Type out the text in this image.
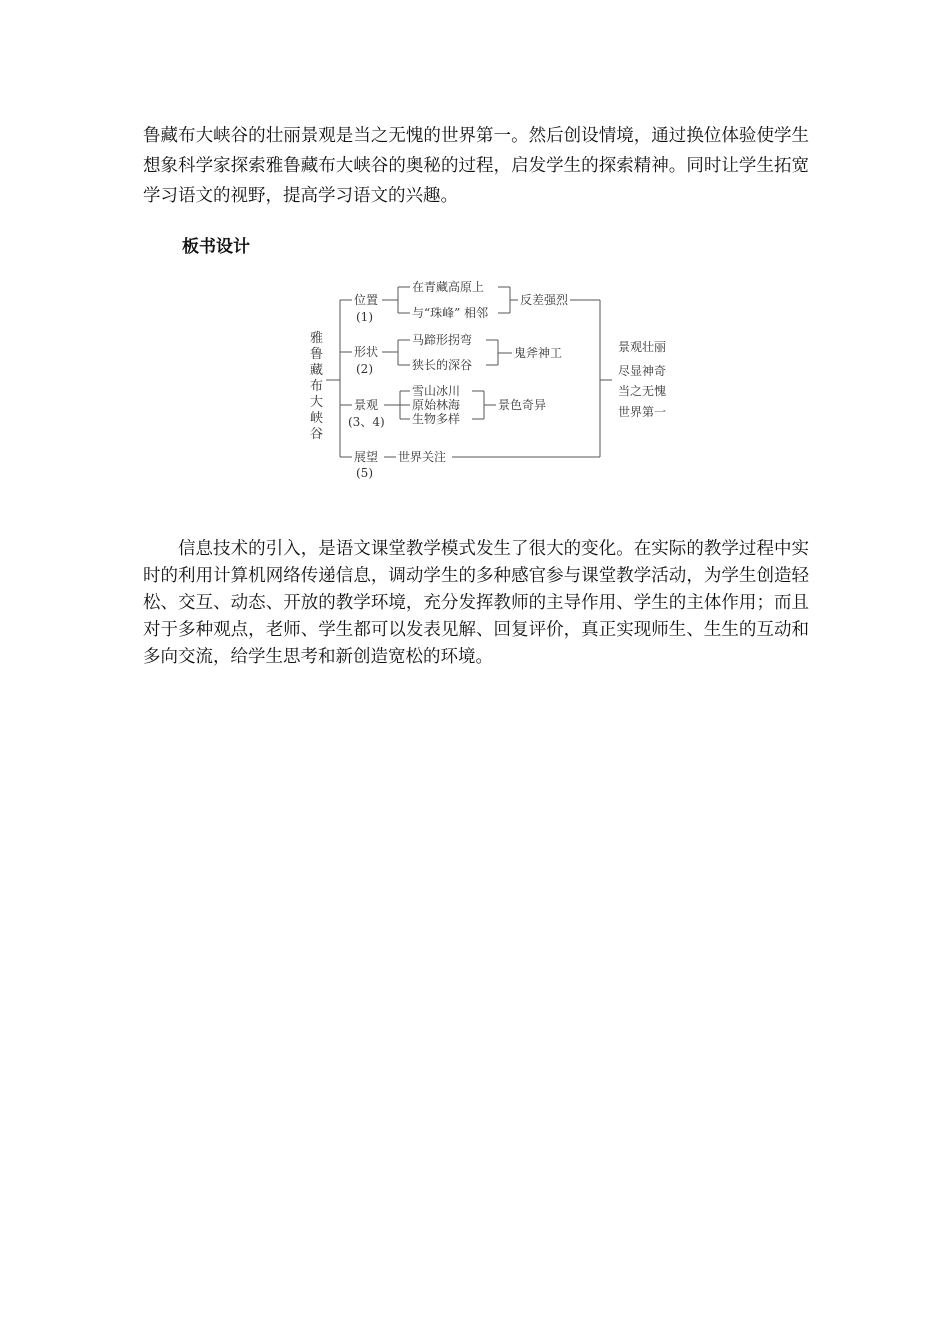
鲁藏布大峡谷的壮丽景观是当之无愧的世界第一。然后创设情境，通过换位体验使学生想象科学家探索雅鲁藏布大峡谷的奥秘的过程，启发学生的探索精神。同时让学生拓宽学习语文的视野，提高学习语文的兴趣。

板书设计

雅
鲁
藏
布
大
峡
谷
位置
(1)
在青藏高原上
与“珠峰” 相邻
反差强烈
形状
(2)
马蹄形拐弯
狭长的深谷
鬼斧神工
景观
(3、4)
雪山冰川
原始林海
生物多样
景色奇异
展望
(5)
世界关注
景观壮丽
尽显神奇
当之无愧
世界第一

信息技术的引入，是语文课堂教学模式发生了很大的变化。在实际的教学过程中实时的利用计算机网络传递信息，调动学生的多种感官参与课堂教学活动，为学生创造轻松、交互、动态、开放的教学环境，充分发挥教师的主导作用、学生的主体作用；而且对于多种观点，老师、学生都可以发表见解、回复评价，真正实现师生、生生的互动和多向交流，给学生思考和新创造宽松的环境。
